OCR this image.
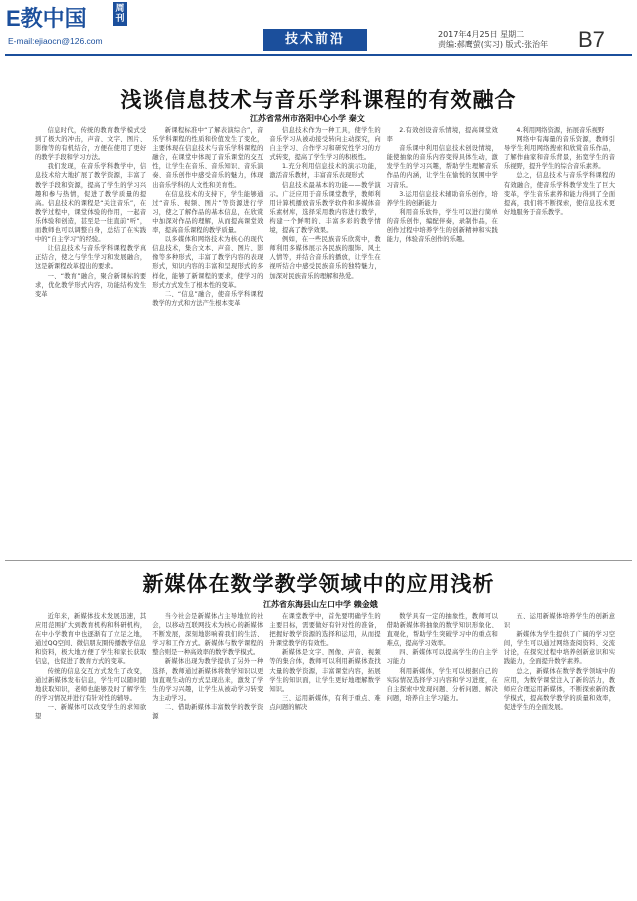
E教中国
E-mail:ejiaocn@126.com
周刊
技术前沿	2017年4月25日 星期二
责编:郝鹰萤(实习) 版式:张治年 B7
浅谈信息技术与音乐学科课程的有效融合
江苏省常州市洛阳中心小学 秦文

信息时代，传统的教育教学模式受到了极大的冲击，声音、文字、图片、影像等的有机结合，方便在使用了更好的教学手段和学习方法。

我们发现，在音乐学科教学中，信息技术给大地扩展了教学资源，丰富了教学手段和资源，提高了学生的学习兴趣和参与热情，促进了教学质量的提高。信息技术的课程是“关注音乐”，在教学过程中，课堂体验的作用，一起音乐体验和创造，甚至是一往直前“听”，而教师也可以调整自身，总结了在实践中的“自主学习”的经验。

让信息技术与音乐学科课程教学真正结合，使之与学生学习和发展融合，这是新课程改革提出的要求。

一、“教育”融合，聚合新课标的要求，优化教学形式内容，功能结构发生变革

新课程标准中“了解表演综合”，音乐学科课程的性质和价值发生了变化，主要体现在信息技术与音乐学科课程的融合，在课堂中体现了音乐课堂的交互性，让学生在音乐、音乐知识、音乐演奏、音乐创作中感受音乐的魅力，体现出音乐学科的人文性和美育性。

在信息技术的支持下，学生能够通过“音乐、视频、图片”等资源进行学习，使之了解作品的基本信息，在欣赏中加深对作品的理解，从而提高课堂效率，提高音乐课程的教学质量。

以多媒体和网络技术为核心的现代信息技术，集合文本、声音、图片、影像等多种形式，丰富了教学内容的表现形式，知识内容的丰富和呈现形式的多样化，能够了新课程的要求，使学习的形式方式发生了根本性的变革。

二、“信息”融合，使音乐学科课程教学的方式和方法产生根本变革

信息技术作为一种工具，使学生的音乐学习从被动接受转向主动探究，向自主学习、合作学习和研究性学习的方式转变，提高了学生学习的积极性。

1.充分利用信息技术的演示功能，激活音乐教材，丰富音乐表现形式

信息技术最基本的功能——教学演示。广泛应用于音乐课堂教学，教师利用计算机播放音乐教学软件和多媒体音乐素材库，选择采用教内容进行教学，构建一个鲜明的、丰富多彩的教学情境，提高了教学效果。

例如，在一些民族音乐欣赏中，教师利用多媒体展示各民族的服饰、风土人情等，并结合音乐的播放，让学生在视听结合中感受民族音乐的独特魅力，加深对民族音乐的理解和热爱。

2.有效创设音乐情境，提高课堂效率

音乐课中利用信息技术创设情境，能使抽象的音乐内容变得具体生动，激发学生的学习兴趣，帮助学生理解音乐作品的内涵，让学生在愉悦的氛围中学习音乐。

3.运用信息技术辅助音乐创作，培养学生的创新能力

利用音乐软件，学生可以进行简单的音乐创作，编配伴奏，录制作品，在创作过程中培养学生的创新精神和实践能力，体验音乐创作的乐趣。

4.利用网络资源，拓展音乐视野

网络中有海量的音乐资源，教师引导学生利用网络搜索和欣赏音乐作品，了解作曲家和音乐背景，拓宽学生的音乐视野，提升学生的综合音乐素养。

总之，信息技术与音乐学科课程的有效融合，使音乐学科教学发生了巨大变革，学生音乐素养和能力得到了全面提高，我们将不断探索，使信息技术更好地服务于音乐教学。

新媒体在数学教学领域中的应用浅析
江苏省东海县山左口中学 赖金娥

近年来，新媒体技术发展迅速，其应用范围扩大到教育机构和科研机构，在中小学教育中也逐渐有了立足之地，通过QQ空间、微信朋友圈传播教学信息和资料，极大地方便了学生和家长获取信息，也促进了教育方式的变革。

传统的信息交互方式发生了改变，通过新媒体发布信息，学生可以随时随地获取知识，老师也能够及时了解学生的学习情况并进行有针对性的辅导。

一、新媒体可以改变学生的求知欲望

当今社会是新媒体占主导地位的社会，以移动互联网技术为核心的新媒体不断发展，深刻地影响着我们的生活、学习和工作方式。新媒体与数学课程的整合则是一种高效率的数学教学模式。

新媒体出现为教学提供了另外一种选择，教师通过新媒体将数学知识以更加直观生动的方式呈现出来，激发了学生的学习兴趣，让学生从被动学习转变为主动学习。

二、借助新媒体丰富数学的教学资源

在课堂教学中，首先要明确学生的主要目标，需要做好有针对性的准备，把握好教学资源的选择和运用，从而提升课堂教学的有效性。

新媒体是文字、图像、声音、视频等的集合体，教师可以利用新媒体查找大量的教学资源，丰富课堂内容，拓展学生的知识面，让学生更好地理解数学知识。

三、运用新媒体，有利于重点、难点问题的解决

数学具有一定的抽象性，教师可以借助新媒体将抽象的数学知识形象化、直观化，帮助学生突破学习中的重点和难点，提高学习效率。

四、新媒体可以提高学生的自主学习能力

利用新媒体，学生可以根据自己的实际情况选择学习内容和学习进度，在自主探索中发现问题、分析问题、解决问题，培养自主学习能力。

五、运用新媒体培养学生的创新意识

新媒体为学生提供了广阔的学习空间，学生可以通过网络查阅资料、交流讨论，在探究过程中培养创新意识和实践能力，全面提升数学素养。

总之，新媒体在数学教学领域中的应用，为数学课堂注入了新的活力，教师应合理运用新媒体，不断探索新的教学模式，提高数学教学的质量和效率，促进学生的全面发展。
